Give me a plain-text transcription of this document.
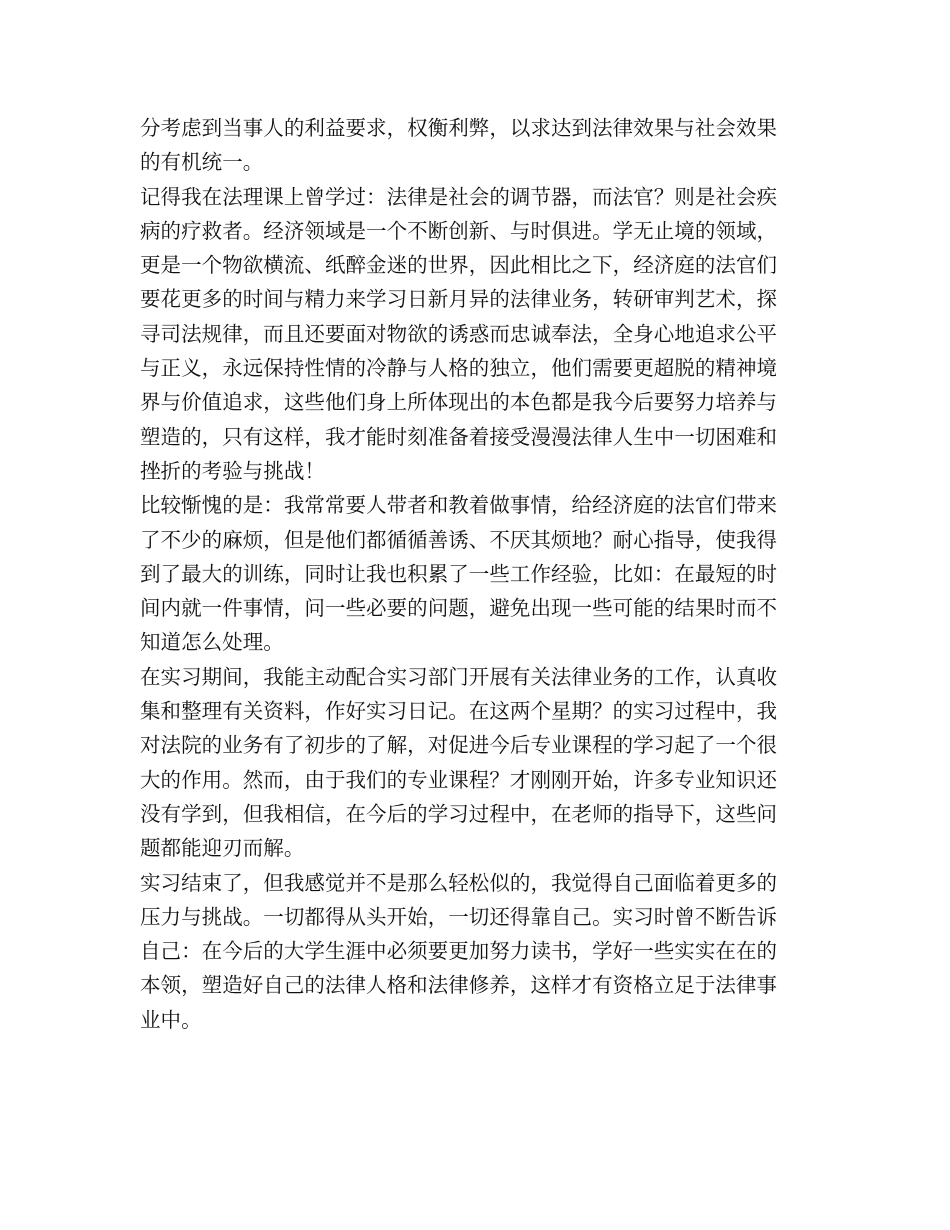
分考虑到当事人的利益要求，权衡利弊，以求达到法律效果与社会效果
的有机统一。
记得我在法理课上曾学过：法律是社会的调节器，而法官？则是社会疾
病的疗救者。经济领域是一个不断创新、与时俱进。学无止境的领域，
更是一个物欲横流、纸醉金迷的世界，因此相比之下，经济庭的法官们
要花更多的时间与精力来学习日新月异的法律业务，转研审判艺术，探
寻司法规律，而且还要面对物欲的诱惑而忠诚奉法，全身心地追求公平
与正义，永远保持性情的冷静与人格的独立，他们需要更超脱的精神境
界与价值追求，这些他们身上所体现出的本色都是我今后要努力培养与
塑造的，只有这样，我才能时刻准备着接受漫漫法律人生中一切困难和
挫折的考验与挑战！
比较惭愧的是：我常常要人带者和教着做事情，给经济庭的法官们带来
了不少的麻烦，但是他们都循循善诱、不厌其烦地？耐心指导，使我得
到了最大的训练，同时让我也积累了一些工作经验，比如：在最短的时
间内就一件事情，问一些必要的问题，避免出现一些可能的结果时而不
知道怎么处理。
在实习期间，我能主动配合实习部门开展有关法律业务的工作，认真收
集和整理有关资料，作好实习日记。在这两个星期？的实习过程中，我
对法院的业务有了初步的了解，对促进今后专业课程的学习起了一个很
大的作用。然而，由于我们的专业课程？才刚刚开始，许多专业知识还
没有学到，但我相信，在今后的学习过程中，在老师的指导下，这些问
题都能迎刃而解。
实习结束了，但我感觉并不是那么轻松似的，我觉得自己面临着更多的
压力与挑战。一切都得从头开始，一切还得靠自己。实习时曾不断告诉
自己：在今后的大学生涯中必须要更加努力读书，学好一些实实在在的
本领，塑造好自己的法律人格和法律修养，这样才有资格立足于法律事
业中。
